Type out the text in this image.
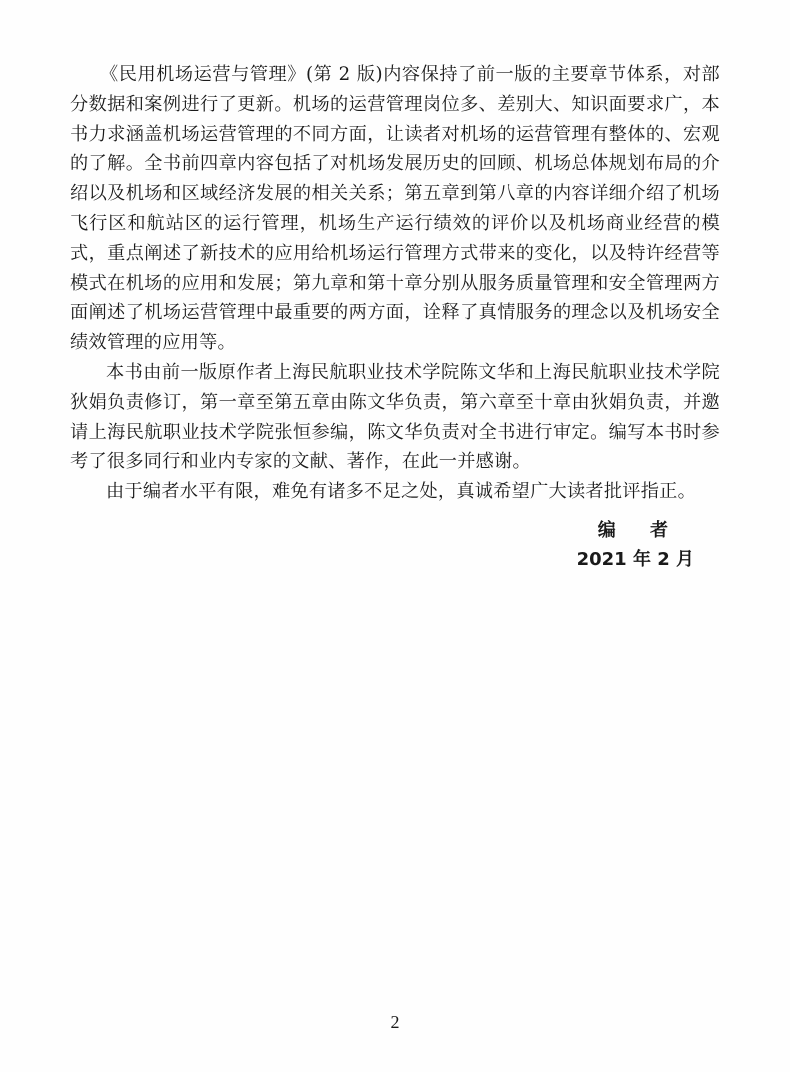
《民用机场运营与管理》(第 2 版)内容保持了前一版的主要章节体系，对部分数据和案例进行了更新。机场的运营管理岗位多、差别大、知识面要求广，本书力求涵盖机场运营管理的不同方面，让读者对机场的运营管理有整体的、宏观的了解。全书前四章内容包括了对机场发展历史的回顾、机场总体规划布局的介绍以及机场和区域经济发展的相关关系；第五章到第八章的内容详细介绍了机场飞行区和航站区的运行管理，机场生产运行绩效的评价以及机场商业经营的模式，重点阐述了新技术的应用给机场运行管理方式带来的变化，以及特许经营等模式在机场的应用和发展；第九章和第十章分别从服务质量管理和安全管理两方面阐述了机场运营管理中最重要的两方面，诠释了真情服务的理念以及机场安全绩效管理的应用等。

本书由前一版原作者上海民航职业技术学院陈文华和上海民航职业技术学院狄娟负责修订，第一章至第五章由陈文华负责，第六章至十章由狄娟负责，并邀请上海民航职业技术学院张恒参编，陈文华负责对全书进行审定。编写本书时参考了很多同行和业内专家的文献、著作，在此一并感谢。

由于编者水平有限，难免有诸多不足之处，真诚希望广大读者批评指正。

编 者
2021 年 2 月
2
